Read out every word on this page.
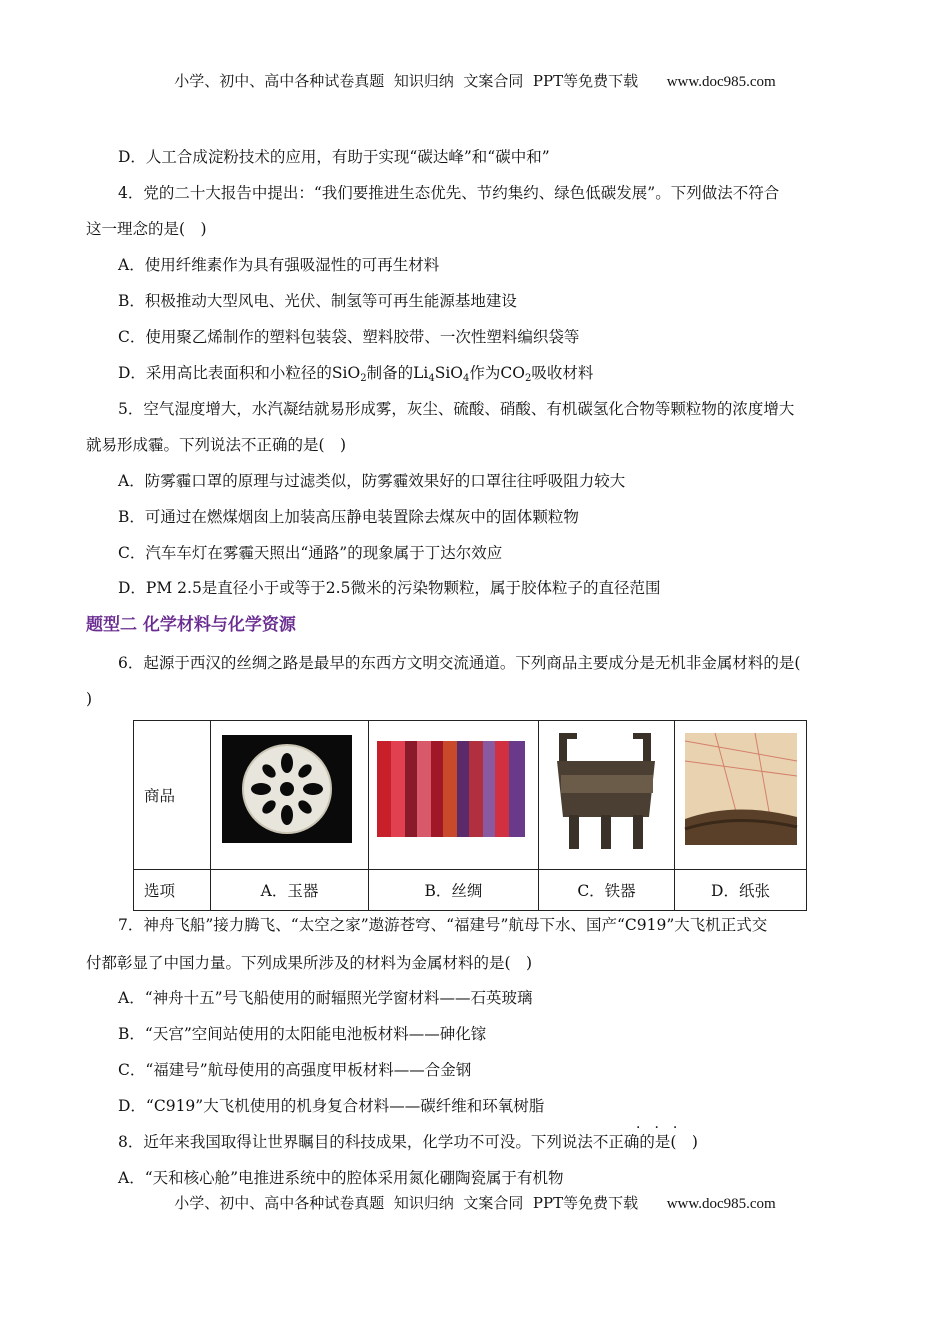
小学、初中、高中各种试卷真题  知识归纳  文案合同  PPT等免费下载 www.doc985.com
D．人工合成淀粉技术的应用，有助于实现“碳达峰”和“碳中和”
4．党的二十大报告中提出：“我们要推进生态优先、节约集约、绿色低碳发展”。下列做法不符合
这一理念的是(　)
A．使用纤维素作为具有强吸湿性的可再生材料
B．积极推动大型风电、光伏、制氢等可再生能源基地建设
C．使用聚乙烯制作的塑料包装袋、塑料胶带、一次性塑料编织袋等
D．采用高比表面积和小粒径的SiO$_2$制备的$Li_4SiO_4$作为$CO_2$吸收材料
5．空气湿度增大，水汽凝结就易形成雾，灰尘、硫酸、硝酸、有机碳氢化合物等颗粒物的浓度增大
就易形成霾。下列说法不正确的是(　)
A．防雾霾口罩的原理与过滤类似，防雾霾效果好的口罩往往呼吸阻力较大
B．可通过在燃煤烟囱上加装高压静电装置除去煤灰中的固体颗粒物
C．汽车车灯在雾霾天照出“通路”的现象属于丁达尔效应
D．PM 2.5是直径小于或等于2.5微米的污染物颗粒，属于胶体粒子的直径范围
题型二 化学材料与化学资源
6．起源于西汉的丝绸之路是最早的东西方文明交流通道。下列商品主要成分是无机非金属材料的是(
)
商品				
选项	A．玉器	B．丝绸	C．铁器	D．纸张
7．神舟飞船”接力腾飞、“太空之家”遨游苍穹、“福建号”航母下水、国产“C919”大飞机正式交
付都彰显了中国力量。下列成果所涉及的材料为金属材料的是(　)
A．“神舟十五”号飞船使用的耐辐照光学窗材料——石英玻璃
B．“天宫”空间站使用的太阳能电池板材料——砷化镓
C．“福建号”航母使用的高强度甲板材料——合金钢
D．“C919”大飞机使用的机身复合材料——碳纤维和环氧树脂
·　·　·
8．近年来我国取得让世界瞩目的科技成果，化学功不可没。下列说法不正确的是(　)
A．“天和核心舱”电推进系统中的腔体采用氮化硼陶瓷属于有机物
小学、初中、高中各种试卷真题  知识归纳  文案合同  PPT等免费下载 www.doc985.com
